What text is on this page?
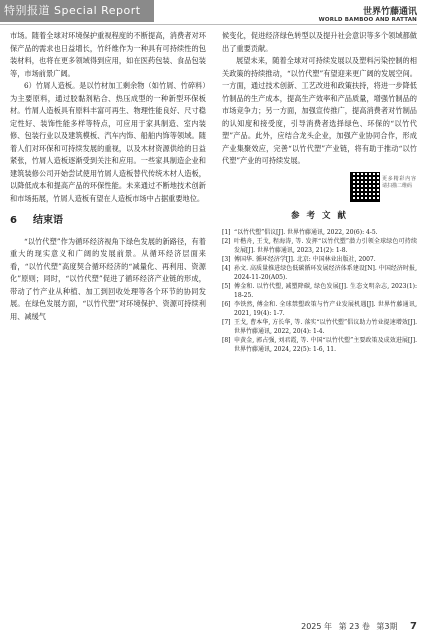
特别报道 Special Report	世界竹藤通讯
WORLD BAMBOO AND RATTAN

市场。随着全球对环境保护重视程度的不断提高，消费者对环保产品的需求也日益增长，竹纤维作为一种具有可持续性的包装材料，也将在更多领域得到应用，如在医药包装、食品包装等，市场前景广阔。

6）竹屑人造板。是以竹材加工剩余物（如竹屑、竹碎料）为主要原料，通过胶黏剂粘合、热压成型的一种新型环保板材。竹屑人造板具有原料丰富可再生、物理性能良好、尺寸稳定性好、装饰性能多样等特点，可应用于家具制造、室内装修、包装行业以及建筑模板、汽车内饰、船舶内饰等领域。随着人们对环保和可持续发展的重视，以及木材资源供给的日益紧张，竹屑人造板逐渐受到关注和应用。一些家具制造企业和建筑装修公司开始尝试使用竹屑人造板替代传统木材人造板，以降低成本和提高产品的环保性能。未来通过不断地技术创新和市场拓展，竹屑人造板有望在人造板市场中占据重要地位。

6 结束语

“以竹代塑”作为循环经济视角下绿色发展的新路径，有着重大的现实意义和广阔的发展前景。从循环经济层面来看，“以竹代塑”高度契合循环经济的“减量化、再利用、资源化”原则；同时，“以竹代塑”促进了循环经济产业链的形成，带动了竹产业从种植、加工到回收处理等各个环节的协同发展。在绿色发展方面，“以竹代塑”对环境保护、资源可持续利用、减缓气

候变化，促进经济绿色转型以及提升社会意识等多个领域都做出了重要贡献。

展望未来，随着全球对可持续发展以及塑料污染控制的相关政策的持续推动，“以竹代塑”有望迎来更广阔的发展空间。一方面，通过技术创新、工艺改进和政策扶持，将进一步降低竹制品的生产成本，提高生产效率和产品质量，增强竹制品的市场竞争力；另一方面，加强宣传推广，提高消费者对竹制品的认知度和接受度，引导消费者选择绿色、环保的“以竹代塑”产品。此外，应结合龙头企业，加强产业协同合作，形成产业集聚效应，完善“以竹代塑”产业链，将有助于推动“以竹代塑”产业的可持续发展。

更多精彩内容 请扫描二维码
参 考 文 献
[1] “以竹代塑”倡议[J]. 世界竹藤通讯, 2022, 20(6): 4-5.
[2] 叶楷舟, 王戈, 程海涛, 等. 发挥“以竹代塑”潜力引领全球绿色可持续发展[J]. 世界竹藤通讯, 2023, 21(2): 1-8.
[3] 傅国华. 循环经济学[J]. 北京: 中国林业出版社, 2007.
[4] 孙文. 高质量推进绿色低碳循环发展经济体系建设[N]. 中国经济时报, 2024-11-20(A05).
[5] 傅金和. 以竹代塑, 减塑降碳, 绿色发展[J]. 生态文明杂志, 2023(1): 18-25.
[6] 李铁然, 傅金和. 全球禁塑政策与竹产业发展机遇[J]. 世界竹藤通讯, 2021, 19(4): 1-7.
[7] 王戈, 曹本华, 方长华, 等. 落实“以竹代塑”倡议助力竹业提速增效[J]. 世界竹藤通讯, 2022, 20(4): 1-4.
[8] 申黄金, 郭占强, 刘君霞, 等. 中国“以竹代塑”主要政策及成效进展[J]. 世界竹藤通讯, 2024, 22(5): 1-6, 11.
2025 年 第 23 卷 第3期 7
